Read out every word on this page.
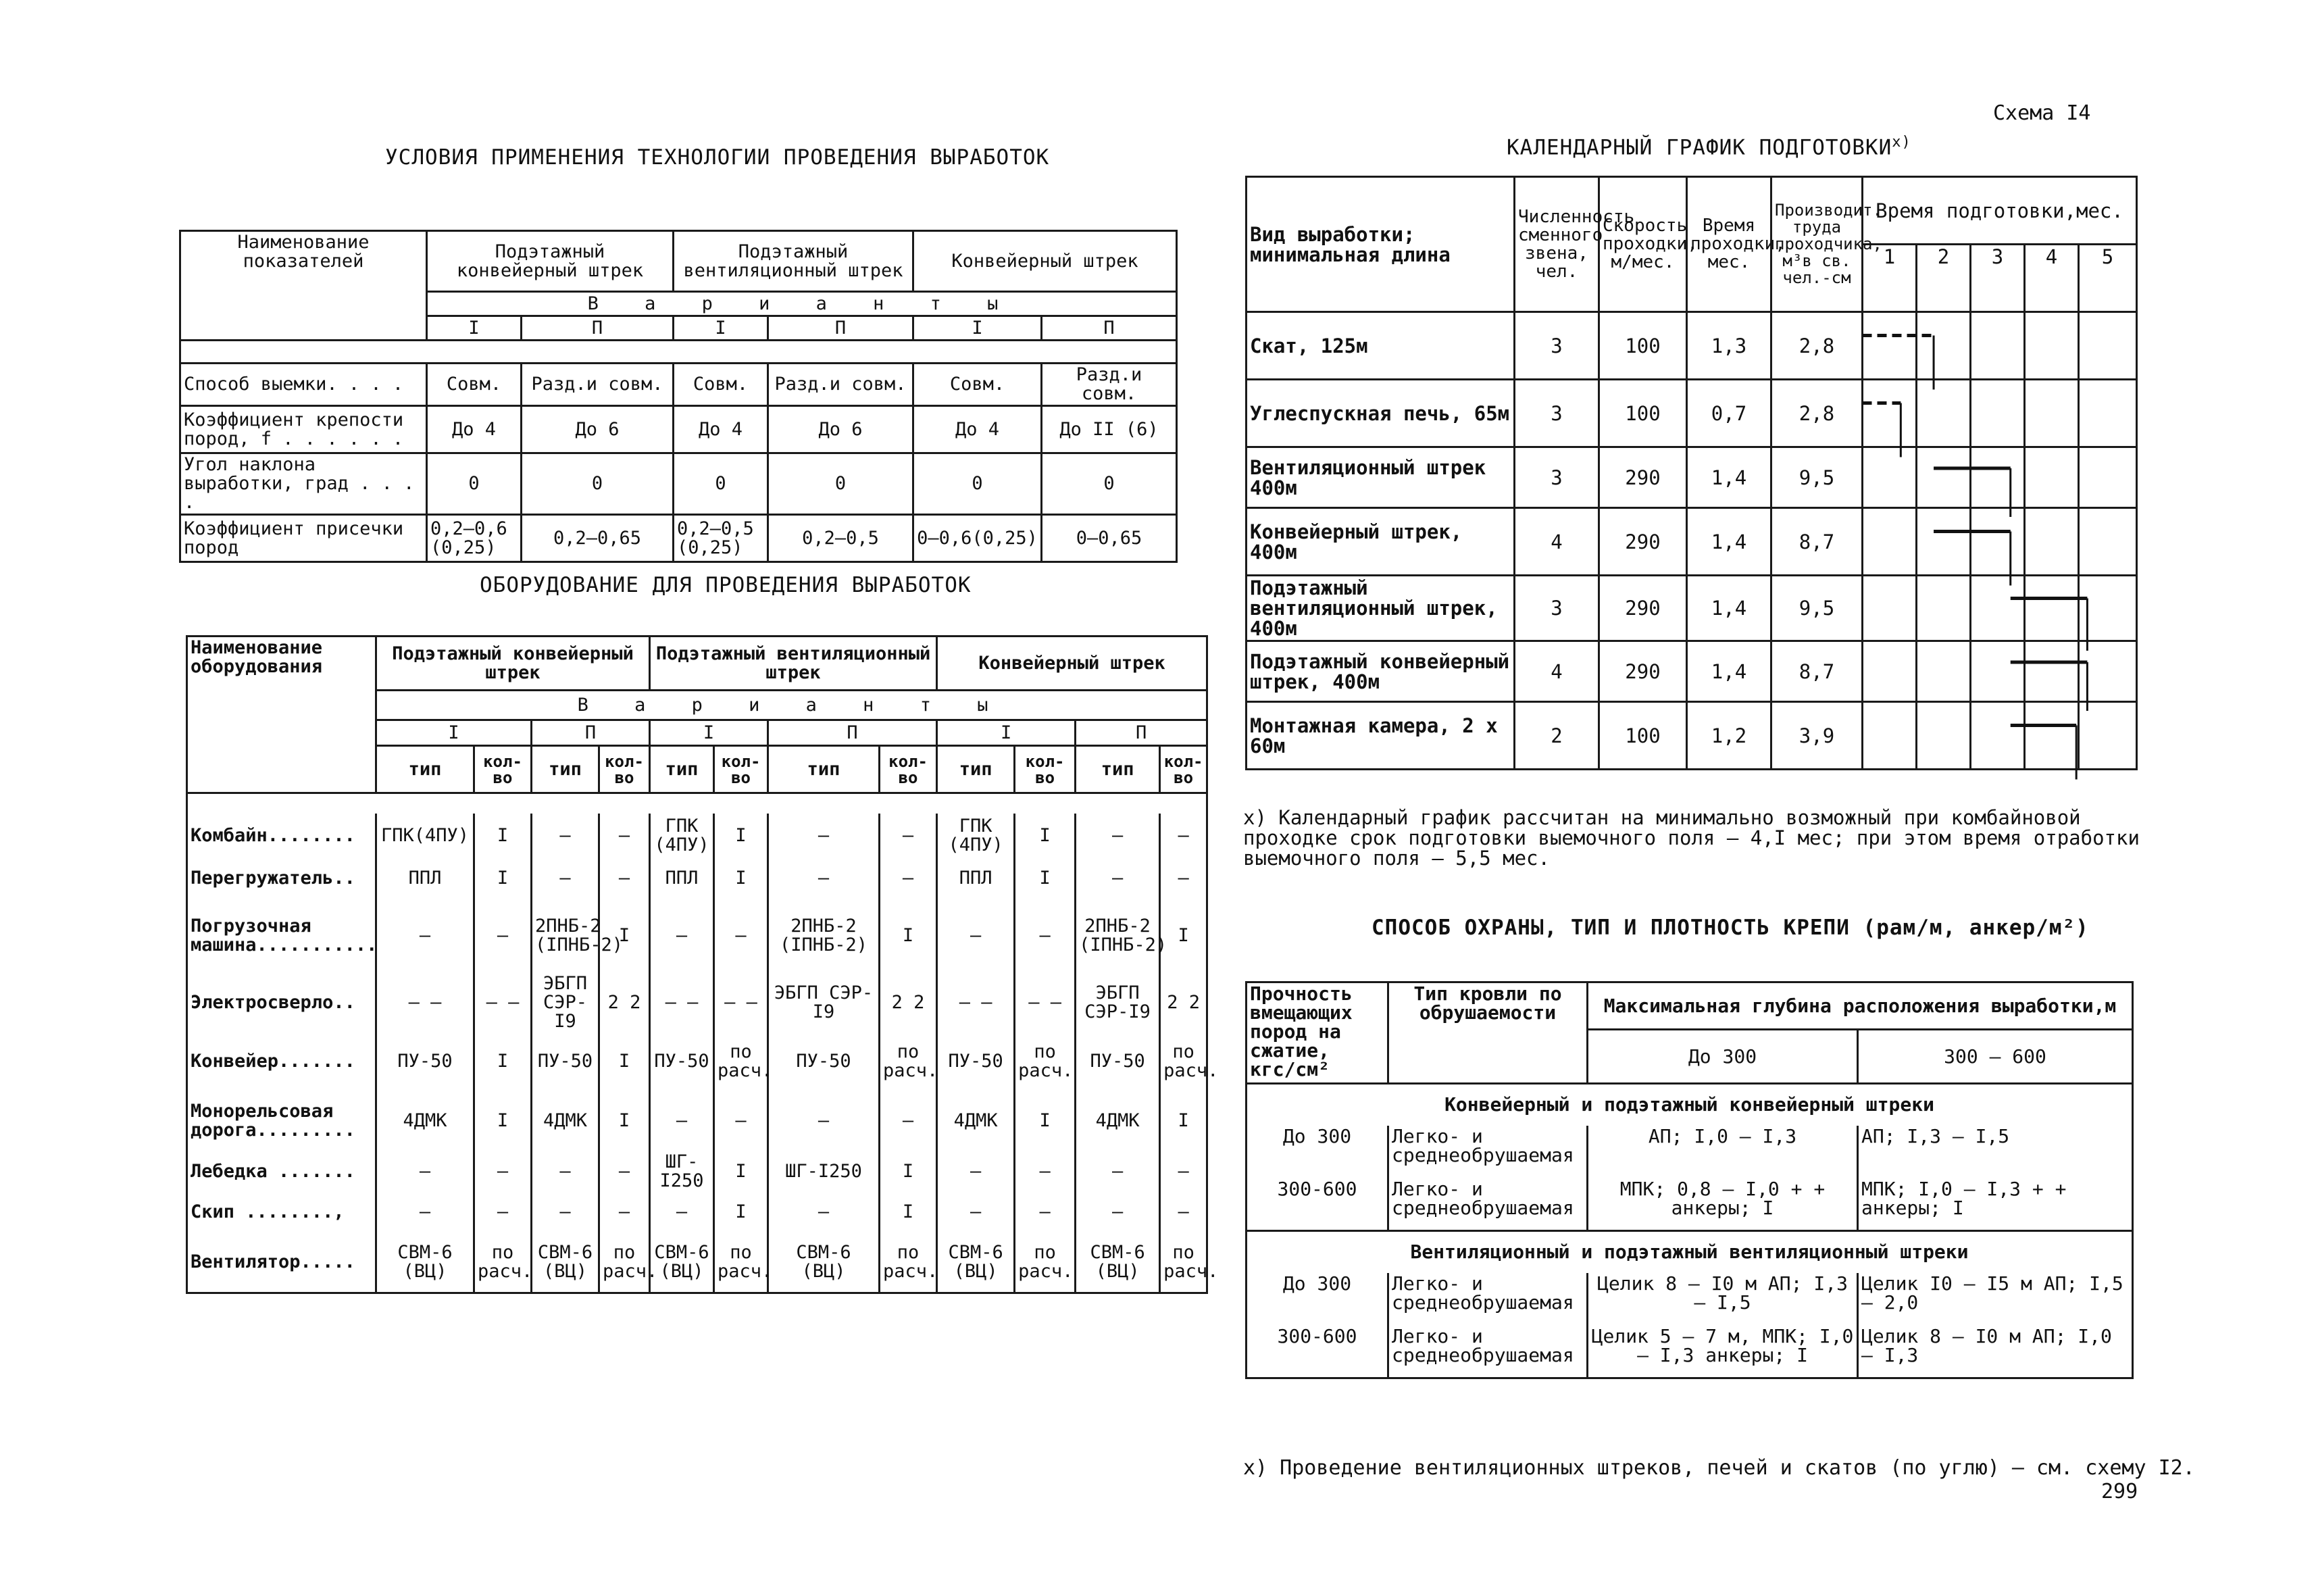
Схема I4
УСЛОВИЯ ПРИМЕНЕНИЯ ТЕХНОЛОГИИ ПРОВЕДЕНИЯ ВЫРАБОТОК
Наименование показателей	Подэтажный конвейерный штрек		Подэтажный вентиляционный штрек		Конвейерный штрек	
	В а р и а н т ы					
	I	П	I	П	I	П

Способ выемки. . . .	Совм.	Разд.и совм.	Совм.	Разд.и совм.	Совм.	Разд.и совм.
Коэффициент крепости пород, f . . . . . .	До 4	До 6	До 4	До 6	До 4	До II (6)
Угол наклона выработки, град . . . .	0	0	0	0	0	0
Коэффициент присечки пород	0,2–0,6 (0,25)	0,2–0,65	0,2–0,5 (0,25)	0,2–0,5	0–0,6(0,25)	0–0,65
ОБОРУДОВАНИЕ ДЛЯ ПРОВЕДЕНИЯ ВЫРАБОТОК
Наименование оборудования	Подэтажный конвейерный штрек				Подэтажный вентиляционный штрек				Конвейерный штрек			
	В а р и а н т ы											
	I		П		I		П		I		П	
	тип	кол-во	тип	кол-во	тип	кол-во	тип	кол-во	тип	кол-во	тип	кол-во

Комбайн........	ГПК(4ПУ)	I	–	–	ГПК (4ПУ)	I	–	–	ГПК (4ПУ)	I	–	–
Перегружатель..	ППЛ	I	–	–	ППЛ	I	–	–	ППЛ	I	–	–
Погрузочная машина...........	–	–	2ПНБ-2 (IПНБ-2)	I	–	–	2ПНБ-2 (IПНБ-2)	I	–	–	2ПНБ-2 (IПНБ-2)	I
Электросверло..	– –	– –	ЭБГП СЭР-I9	2 2	– –	– –	ЭБГП СЭР-I9	2 2	– –	– –	ЭБГП СЭР-I9	2 2
Конвейер.......	ПУ-50	I	ПУ-50	I	ПУ-50	по расч.	ПУ-50	по расч.	ПУ-50	по расч.	ПУ-50	по расч.
Монорельсовая дорога.........	4ДМК	I	4ДМК	I	–	–	–	–	4ДМК	I	4ДМК	I
Лебедка .......	–	–	–	–	ШГ-I250	I	ШГ-I250	I	–	–	–	–
Скип ........,	–	–	–	–	–	I	–	I	–	–	–	–
Вентилятор.....	СВМ-6 (ВЦ)	по расч.	СВМ-6 (ВЦ)	по расч.	СВМ-6 (ВЦ)	по расч.	СВМ-6 (ВЦ)	по расч.	СВМ-6 (ВЦ)	по расч.	СВМ-6 (ВЦ)	по расч.
КАЛЕНДАРНЫЙ ГРАФИК $ПОДГОТОВКИ^{х)}$
Вид выработки; минимальная длина	Численность сменного звена, чел.	Скорость проходки, м/мес.	Время проходки, мес.	Производит. труда проходчика, м³в св. чел.-см	Время подготовки,мес.				
					1	2	3	4	5
Скат, 125м	3	100	1,3	2,8					
Углеспускная печь, 65м	3	100	0,7	2,8					
Вентиляционный штрек 400м	3	290	1,4	9,5					
Конвейерный штрек, 400м	4	290	1,4	8,7					
Подэтажный вентиляционный штрек, 400м	3	290	1,4	9,5					
Подэтажный конвейерный штрек, 400м	4	290	1,4	8,7					
Монтажная камера, 2 х 60м	2	100	1,2	3,9					
х) Календарный график рассчитан на минимально возможный при комбайновой проходке срок подготовки выемочного поля – 4,I мес; при этом время отработки выемочного поля – 5,5 мес.
СПОСОБ ОХРАНЫ, ТИП И ПЛОТНОСТЬ КРЕПИ (рам/м, анкер/м²)
Прочность вмещающих пород на сжатие, кгс/см²	Тип кровли по обрушаемости	Максимальная глубина расположения выработки,м	
		До 300	300 – 600
Конвейерный и подэтажный конвейерный штреки			
До 300	Легко- и среднеобрушаемая	АП; I,0 – I,3	АП; I,3 – I,5
300-600	Легко- и среднеобрушаемая	МПК; 0,8 – I,0 + + анкеры; I	МПК; I,0 – I,3 + + анкеры; I
Вентиляционный и подэтажный вентиляционный штреки			
До 300	Легко- и среднеобрушаемая	Целик 8 – I0 м АП; I,3 – I,5	Целик I0 – I5 м АП; I,5 – 2,0
300-600	Легко- и среднеобрушаемая	Целик 5 – 7 м, МПК; I,0 – I,3 анкеры; I	Целик 8 – I0 м АП; I,0 – I,3
х) Проведение вентиляционных штреков, печей и скатов (по углю) – см. схему I2.
299
